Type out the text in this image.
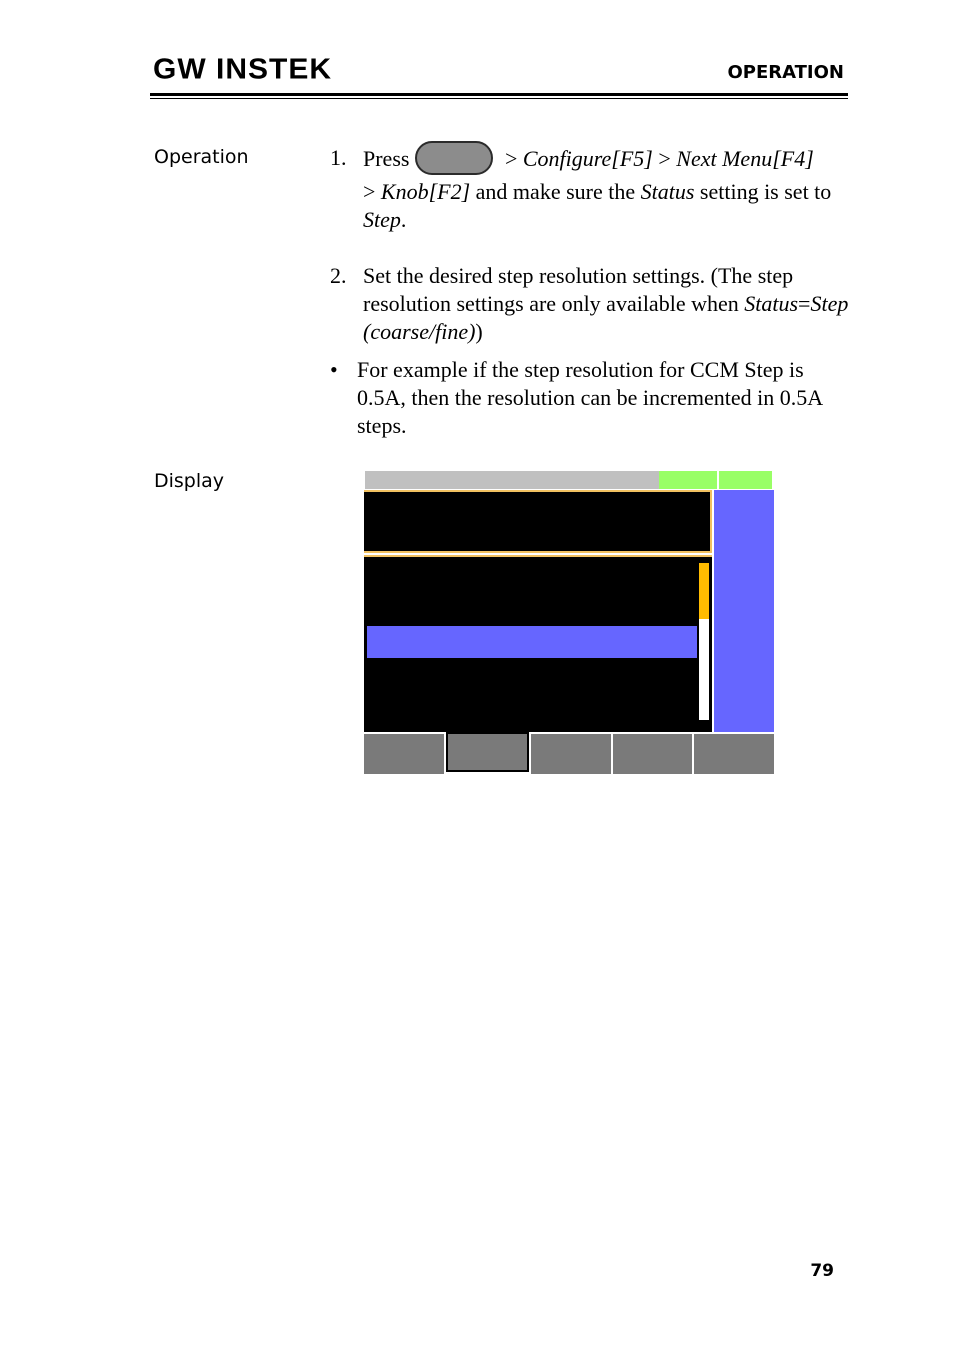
GW INSTEK	OPERATION
Operation
Display
1. Press	> Configure[F5] > Next Menu[F4]
> Knob[F2] and make sure the Status setting is set to Step.
2. Set the desired step resolution settings. (The step resolution settings are only available when Status=Step (coarse/fine))
• For example if the step resolution for CCM Step is 0.5A, then the resolution can be incremented in 0.5A steps.
79
